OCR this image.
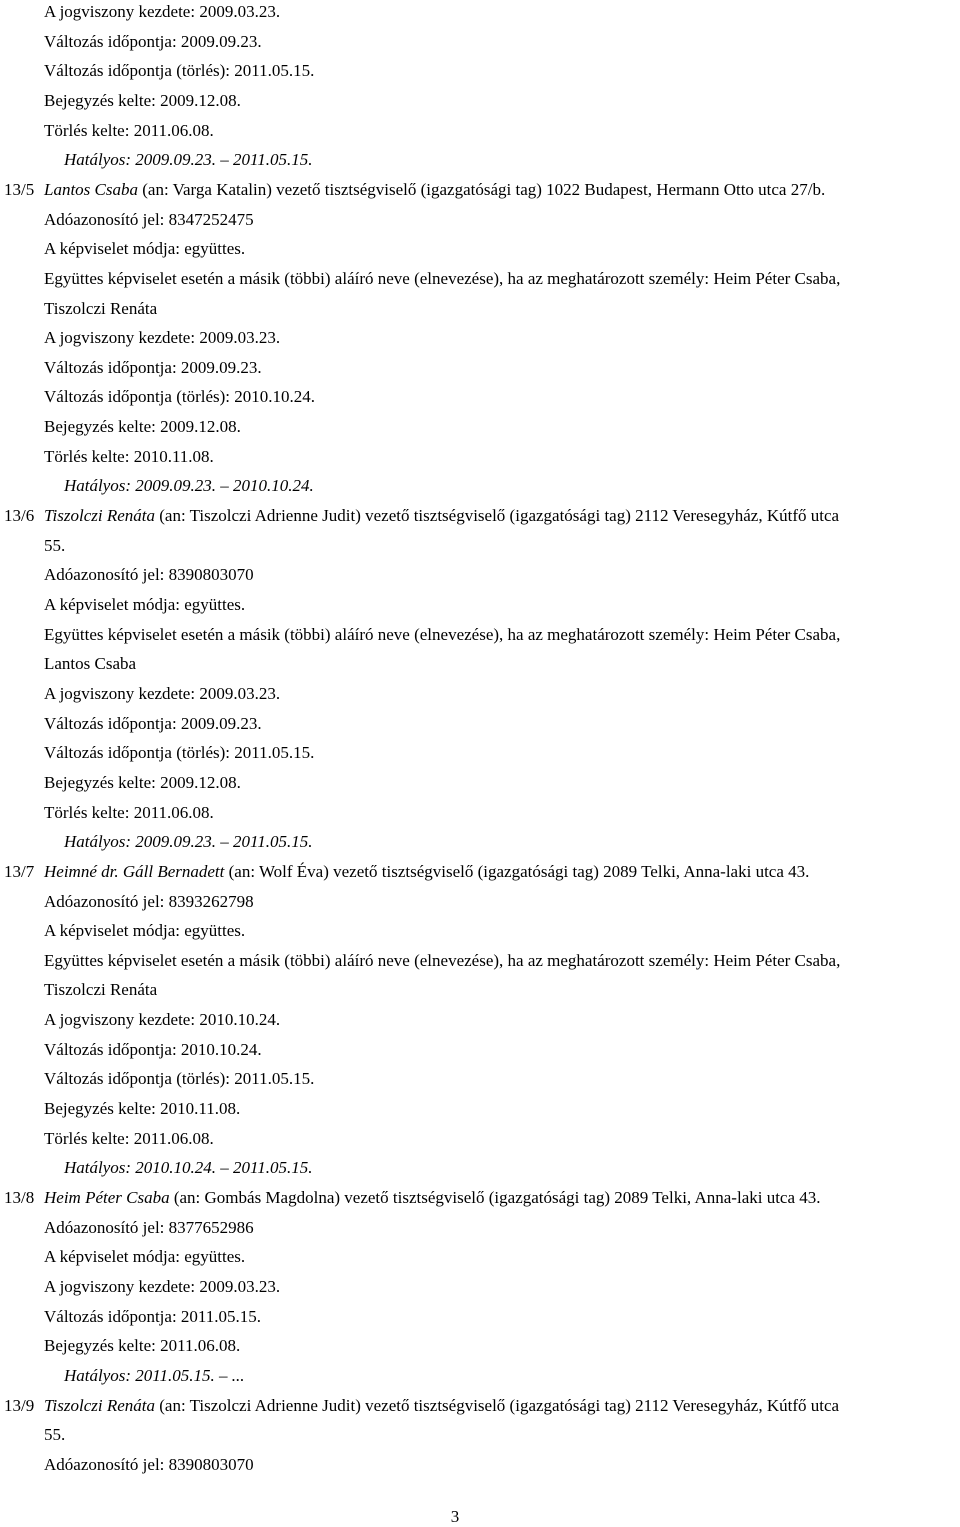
A jogviszony kezdete: 2009.03.23.
Változás időpontja: 2009.09.23.
Változás időpontja (törlés): 2011.05.15.
Bejegyzés kelte: 2009.12.08.
Törlés kelte: 2011.06.08.
Hatályos: 2009.09.23. – 2011.05.15.
13/5 Lantos Csaba (an: Varga Katalin) vezető tisztségviselő (igazgatósági tag) 1022 Budapest, Hermann Otto utca 27/b.
Adóazonosító jel: 8347252475
A képviselet módja: együttes.
Együttes képviselet esetén a másik (többi) aláíró neve (elnevezése), ha az meghatározott személy: Heim Péter Csaba,
Tiszolczi Renáta
A jogviszony kezdete: 2009.03.23.
Változás időpontja: 2009.09.23.
Változás időpontja (törlés): 2010.10.24.
Bejegyzés kelte: 2009.12.08.
Törlés kelte: 2010.11.08.
Hatályos: 2009.09.23. – 2010.10.24.
13/6 Tiszolczi Renáta (an: Tiszolczi Adrienne Judit) vezető tisztségviselő (igazgatósági tag) 2112 Veresegyház, Kútfő utca
55.
Adóazonosító jel: 8390803070
A képviselet módja: együttes.
Együttes képviselet esetén a másik (többi) aláíró neve (elnevezése), ha az meghatározott személy: Heim Péter Csaba,
Lantos Csaba
A jogviszony kezdete: 2009.03.23.
Változás időpontja: 2009.09.23.
Változás időpontja (törlés): 2011.05.15.
Bejegyzés kelte: 2009.12.08.
Törlés kelte: 2011.06.08.
Hatályos: 2009.09.23. – 2011.05.15.
13/7 Heimné dr. Gáll Bernadett (an: Wolf Éva) vezető tisztségviselő (igazgatósági tag) 2089 Telki, Anna-laki utca 43.
Adóazonosító jel: 8393262798
A képviselet módja: együttes.
Együttes képviselet esetén a másik (többi) aláíró neve (elnevezése), ha az meghatározott személy: Heim Péter Csaba,
Tiszolczi Renáta
A jogviszony kezdete: 2010.10.24.
Változás időpontja: 2010.10.24.
Változás időpontja (törlés): 2011.05.15.
Bejegyzés kelte: 2010.11.08.
Törlés kelte: 2011.06.08.
Hatályos: 2010.10.24. – 2011.05.15.
13/8 Heim Péter Csaba (an: Gombás Magdolna) vezető tisztségviselő (igazgatósági tag) 2089 Telki, Anna-laki utca 43.
Adóazonosító jel: 8377652986
A képviselet módja: együttes.
A jogviszony kezdete: 2009.03.23.
Változás időpontja: 2011.05.15.
Bejegyzés kelte: 2011.06.08.
Hatályos: 2011.05.15. – ...
13/9 Tiszolczi Renáta (an: Tiszolczi Adrienne Judit) vezető tisztségviselő (igazgatósági tag) 2112 Veresegyház, Kútfő utca
55.
Adóazonosító jel: 8390803070
3
